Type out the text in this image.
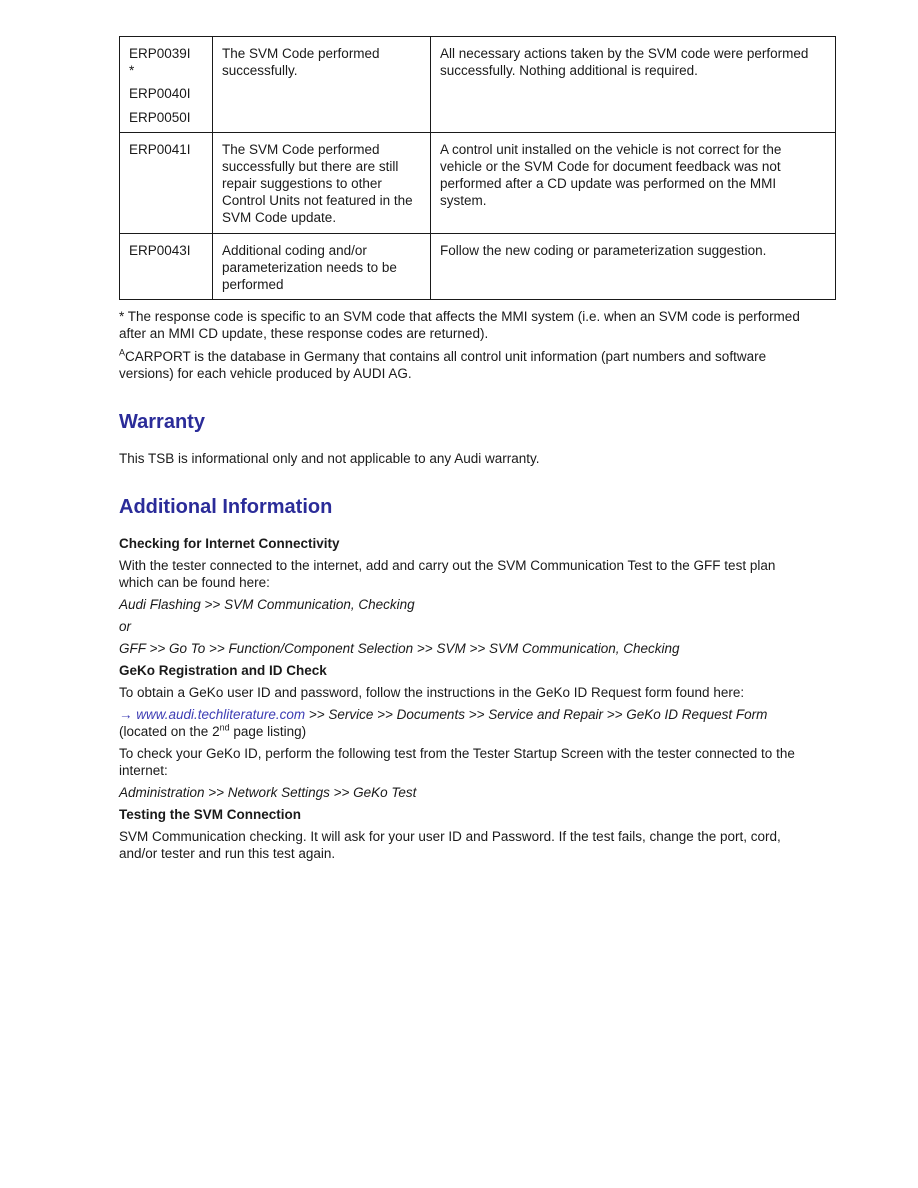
ERP0039I
*
ERP0040I
ERP0050I	The SVM Code performed successfully.	All necessary actions taken by the SVM code were performed successfully. Nothing additional is required.

ERP0041I	The SVM Code performed successfully but there are still repair suggestions to other Control Units not featured in the SVM Code update.	A control unit installed on the vehicle is not correct for the vehicle or the SVM Code for document feedback was not performed after a CD update was performed on the MMI system.

ERP0043I	Additional coding and/or parameterization needs to be performed	Follow the new coding or parameterization suggestion.

* The response code is specific to an SVM code that affects the MMI system (i.e. when an SVM code is performed after an MMI CD update, these response codes are returned).

$^A$CARPORT is the database in Germany that contains all control unit information (part numbers and software versions) for each vehicle produced by AUDI AG.

Warranty

This TSB is informational only and not applicable to any Audi warranty.

Additional Information

Checking for Internet Connectivity

With the tester connected to the internet, add and carry out the SVM Communication Test to the GFF test plan which can be found here:

Audi Flashing >> SVM Communication, Checking

or

GFF >> Go To >> Function/Component Selection >> SVM >> SVM Communication, Checking

GeKo Registration and ID Check

To obtain a GeKo user ID and password, follow the instructions in the GeKo ID Request form found here:

→ www.audi.techliterature.com >> Service >> Documents >> Service and Repair >> GeKo ID Request Form (located on the 2nd page listing)

To check your GeKo ID, perform the following test from the Tester Startup Screen with the tester connected to the internet:

Administration >> Network Settings >> GeKo Test

Testing the SVM Connection

SVM Communication checking. It will ask for your user ID and Password. If the test fails, change the port, cord, and/or tester and run this test again.
